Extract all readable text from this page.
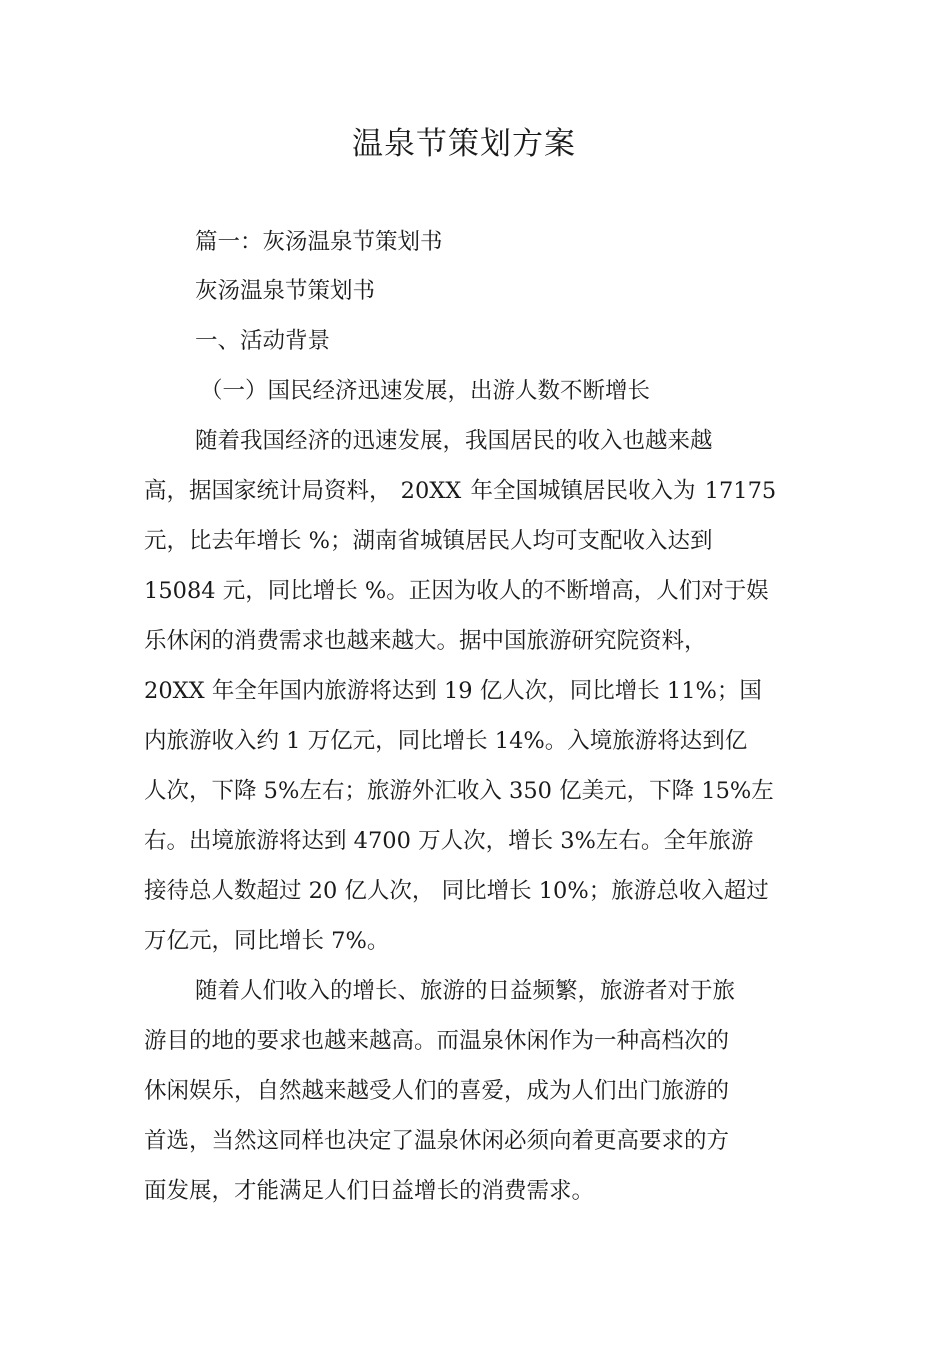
温泉节策划方案
篇一：灰汤温泉节策划书
灰汤温泉节策划书
一、活动背景
（一）国民经济迅速发展，出游人数不断增长
随着我国经济的迅速发展，我国居民的收入也越来越
高，据国家统计局资料， 20XX 年全国城镇居民收入为 17175
元，比去年增长 %；湖南省城镇居民人均可支配收入达到
15084 元，同比增长 %。正因为收人的不断增高，人们对于娱
乐休闲的消费需求也越来越大。据中国旅游研究院资料，
20XX 年全年国内旅游将达到 19 亿人次，同比增长 11%；国
内旅游收入约 1 万亿元，同比增长 14%。入境旅游将达到亿
人次，下降 5%左右；旅游外汇收入 350 亿美元，下降 15%左
右。出境旅游将达到 4700 万人次，增长 3%左右。全年旅游
接待总人数超过 20 亿人次， 同比增长 10%；旅游总收入超过
万亿元，同比增长 7%。
随着人们收入的增长、旅游的日益频繁，旅游者对于旅
游目的地的要求也越来越高。而温泉休闲作为一种高档次的
休闲娱乐，自然越来越受人们的喜爱，成为人们出门旅游的
首选，当然这同样也决定了温泉休闲必须向着更高要求的方
面发展，才能满足人们日益增长的消费需求。
